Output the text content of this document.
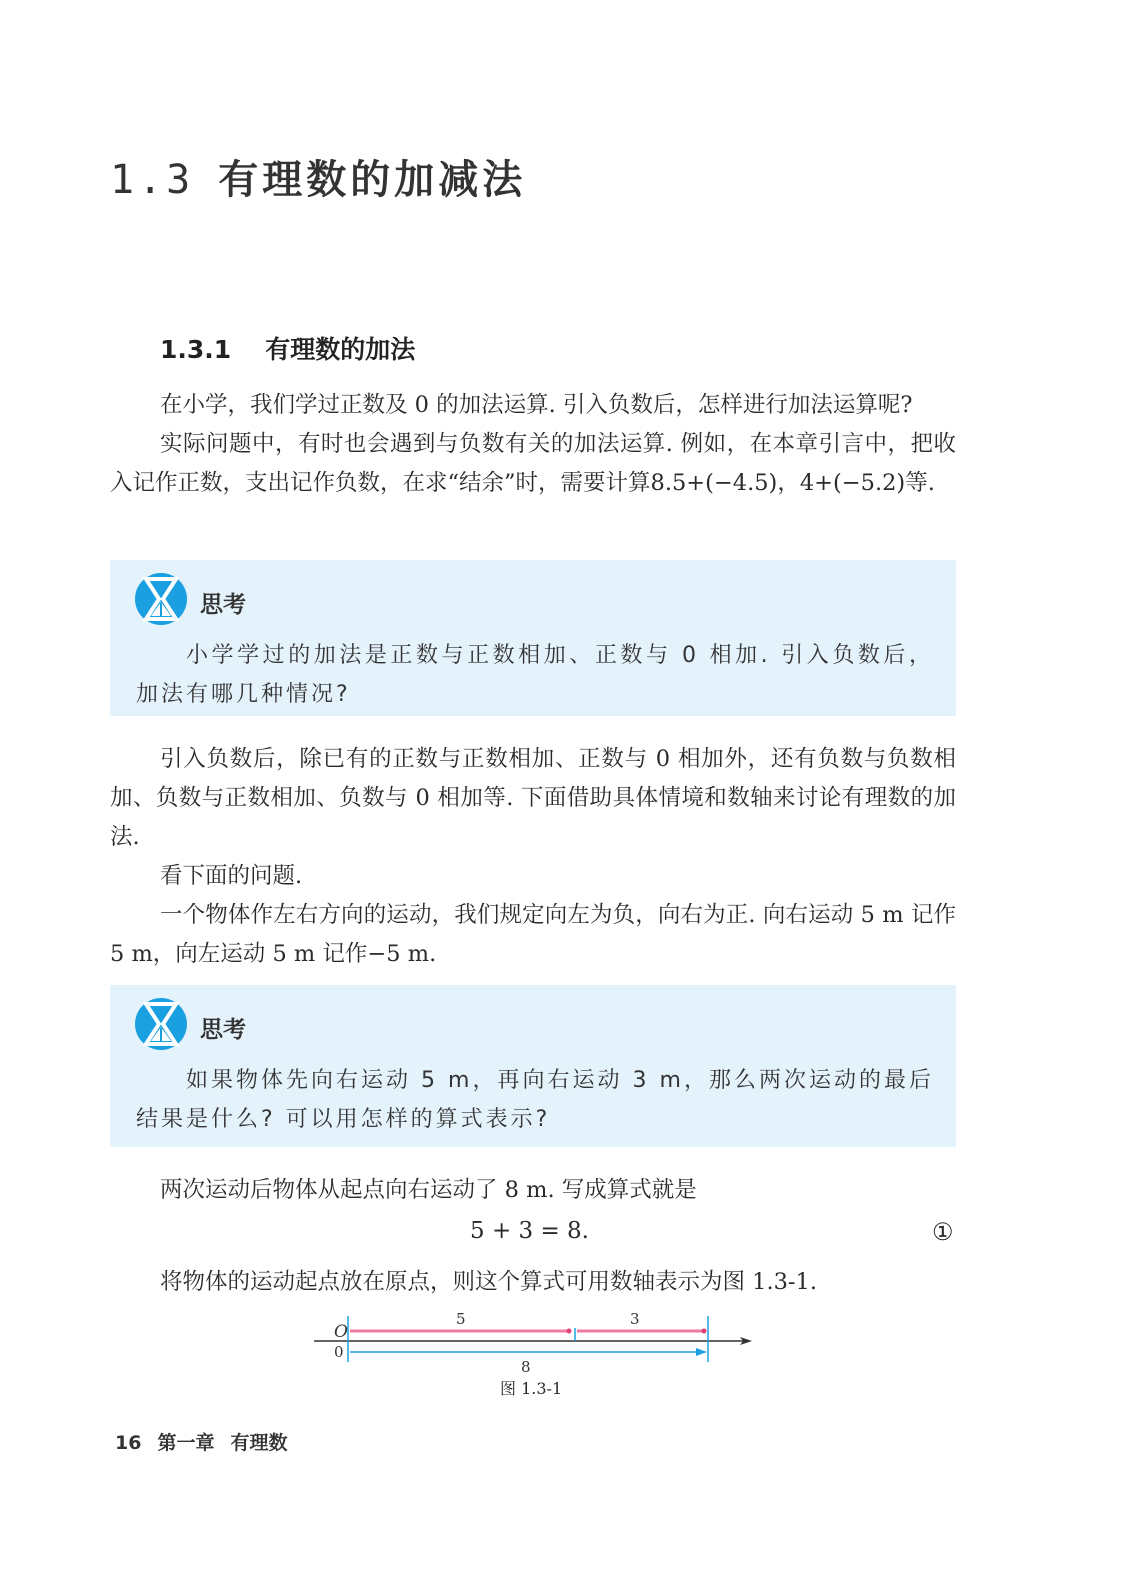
1.3 有理数的加减法
1.3.1 有理数的加法
在小学，我们学过正数及 0 的加法运算. 引入负数后，怎样进行加法运算呢?
实际问题中，有时也会遇到与负数有关的加法运算. 例如，在本章引言中，把收入记作正数，支出记作负数，在求“结余”时，需要计算8.5+(−4.5)，4+(−5.2)等.
思考
小学学过的加法是正数与正数相加、正数与 0 相加. 引入负数后，加法有哪几种情况?
引入负数后，除已有的正数与正数相加、正数与 0 相加外，还有负数与负数相加、负数与正数相加、负数与 0 相加等. 下面借助具体情境和数轴来讨论有理数的加法.
看下面的问题.
一个物体作左右方向的运动，我们规定向左为负，向右为正. 向右运动 5 m 记作 5 m，向左运动 5 m 记作−5 m.
思考
如果物体先向右运动 5 m，再向右运动 3 m，那么两次运动的最后结果是什么? 可以用怎样的算式表示?
两次运动后物体从起点向右运动了 8 m. 写成算式就是
5 + 3 = 8.	①
将物体的运动起点放在原点，则这个算式可用数轴表示为图 1.3-1.
O
0
5	3
8
图 1.3-1
16 第一章 有理数
